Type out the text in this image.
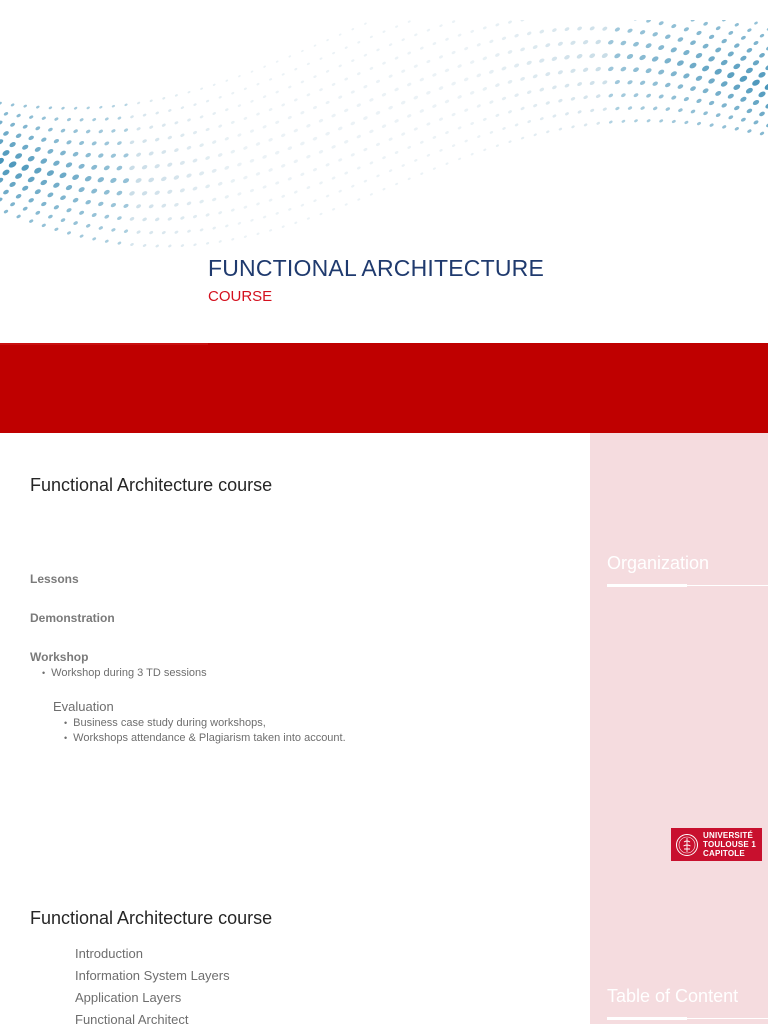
FUNCTIONAL ARCHITECTURE
COURSE
Functional Architecture course
Lessons
Demonstration
Workshop
• Workshop during 3 TD sessions
Evaluation
• Business case study during workshops,
• Workshops attendance & Plagiarism taken into account.
Organization
UNIVERSITÉ
TOULOUSE 1
CAPITOLE
Functional Architecture course
Introduction
Information System Layers
Application Layers
Functional Architect
Table of Content
